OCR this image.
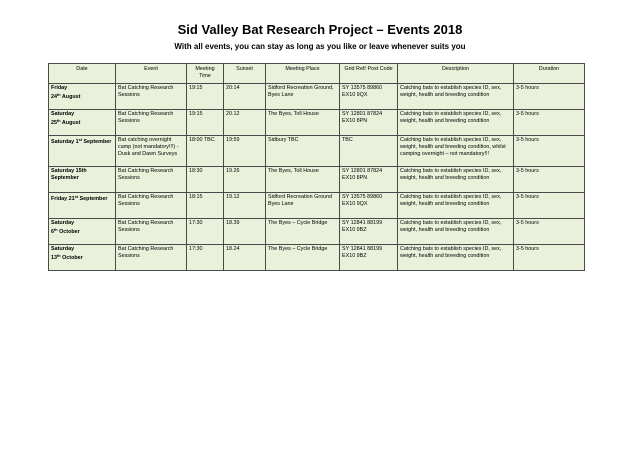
Sid Valley Bat Research Project – Events 2018
With all events, you can stay as long as you like or leave whenever suits you
Date	Event	Meeting Time	Sunset	Meeting Place	Grid Ref/ Post Code	Description	Duration
Friday
24th August	Bat Catching Research Sessions	19:15	20:14	Sidford Recreation Ground, Byes Lane	SY 13575 89860 EX10 9QX	Catching bats to establish species ID, sex, weight, health and breeding condition	3-5 hours
Saturday
25th August	Bat Catching Research Sessions	19:15	20.12	The Byes, Toll House	SY 12801 87824 EX10 8PN	Catching bats to establish species ID, sex, weight, health and breeding condition	3-5 hours
Saturday 1st September	Bat catching overnight camp (not mandatory!!!) - Dusk and Dawn Surveys	18:00 TBC	19:59	Sidbury TBC	TBC	Catching bats to establish species ID, sex, weight, health and breeding condition, whilst camping overnight – not mandatory!!!	3-5 hours
Saturday 15th September	Bat Catching Research Sessions	18:30	19.26	The Byes, Toll House	SY 12801 87824 EX10 8PN	Catching bats to establish species ID, sex, weight, health and breeding condition	3-5 hours
Friday 21st September	Bat Catching Research Sessions	18:15	19.12	Sidford Recreation Ground Byes Lane	SY 13575 89860 EX10 9QX	Catching bats to establish species ID, sex, weight, health and breeding condition	3-5 hours
Saturday
6th October	Bat Catching Research Sessions	17:30	18.39	The Byes – Cycle Bridge	SY 12841 88199 EX10 9BZ	Catching bats to establish species ID, sex, weight, health and breeding condition	3-5 hours
Saturday
13th October	Bat Catching Research Sessions	17:30	18.24	The Byes – Cycle Bridge	SY 12841 88199 EX10 9BZ	Catching bats to establish species ID, sex, weight, health and breeding condition	3-5 hours
